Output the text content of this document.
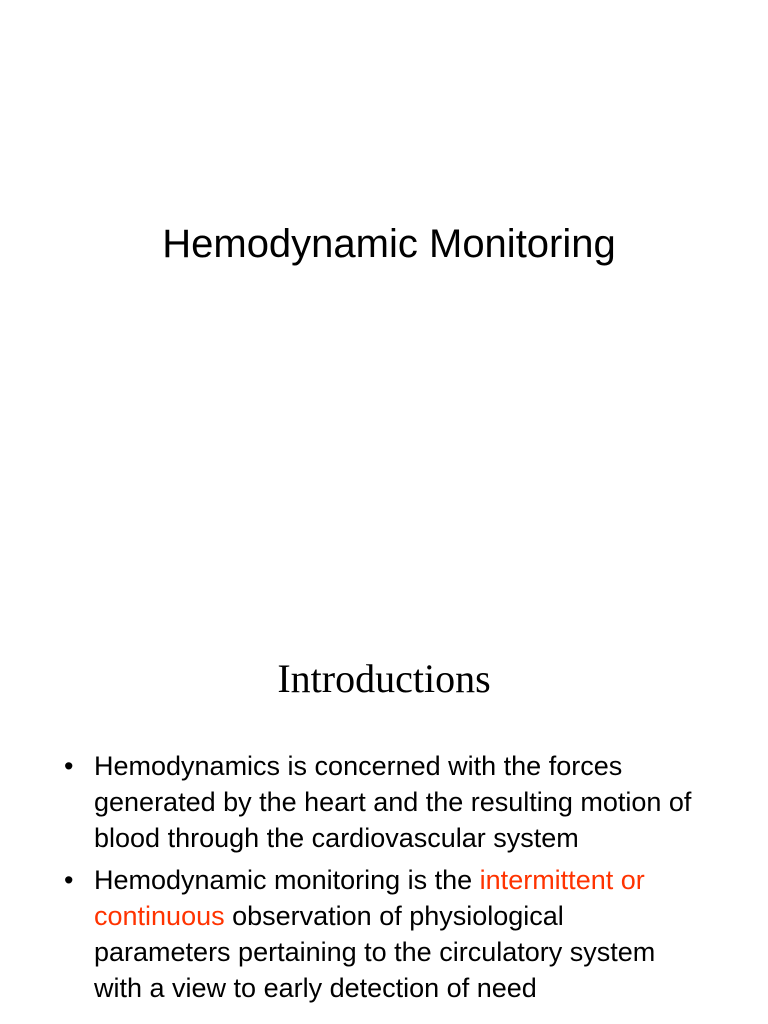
Hemodynamic Monitoring
Introductions
• Hemodynamics is concerned with the forces generated by the heart and the resulting motion of blood through the cardiovascular system
• Hemodynamic monitoring is the intermittent or continuous observation of physiological parameters pertaining to the circulatory system with a view to early detection of need
